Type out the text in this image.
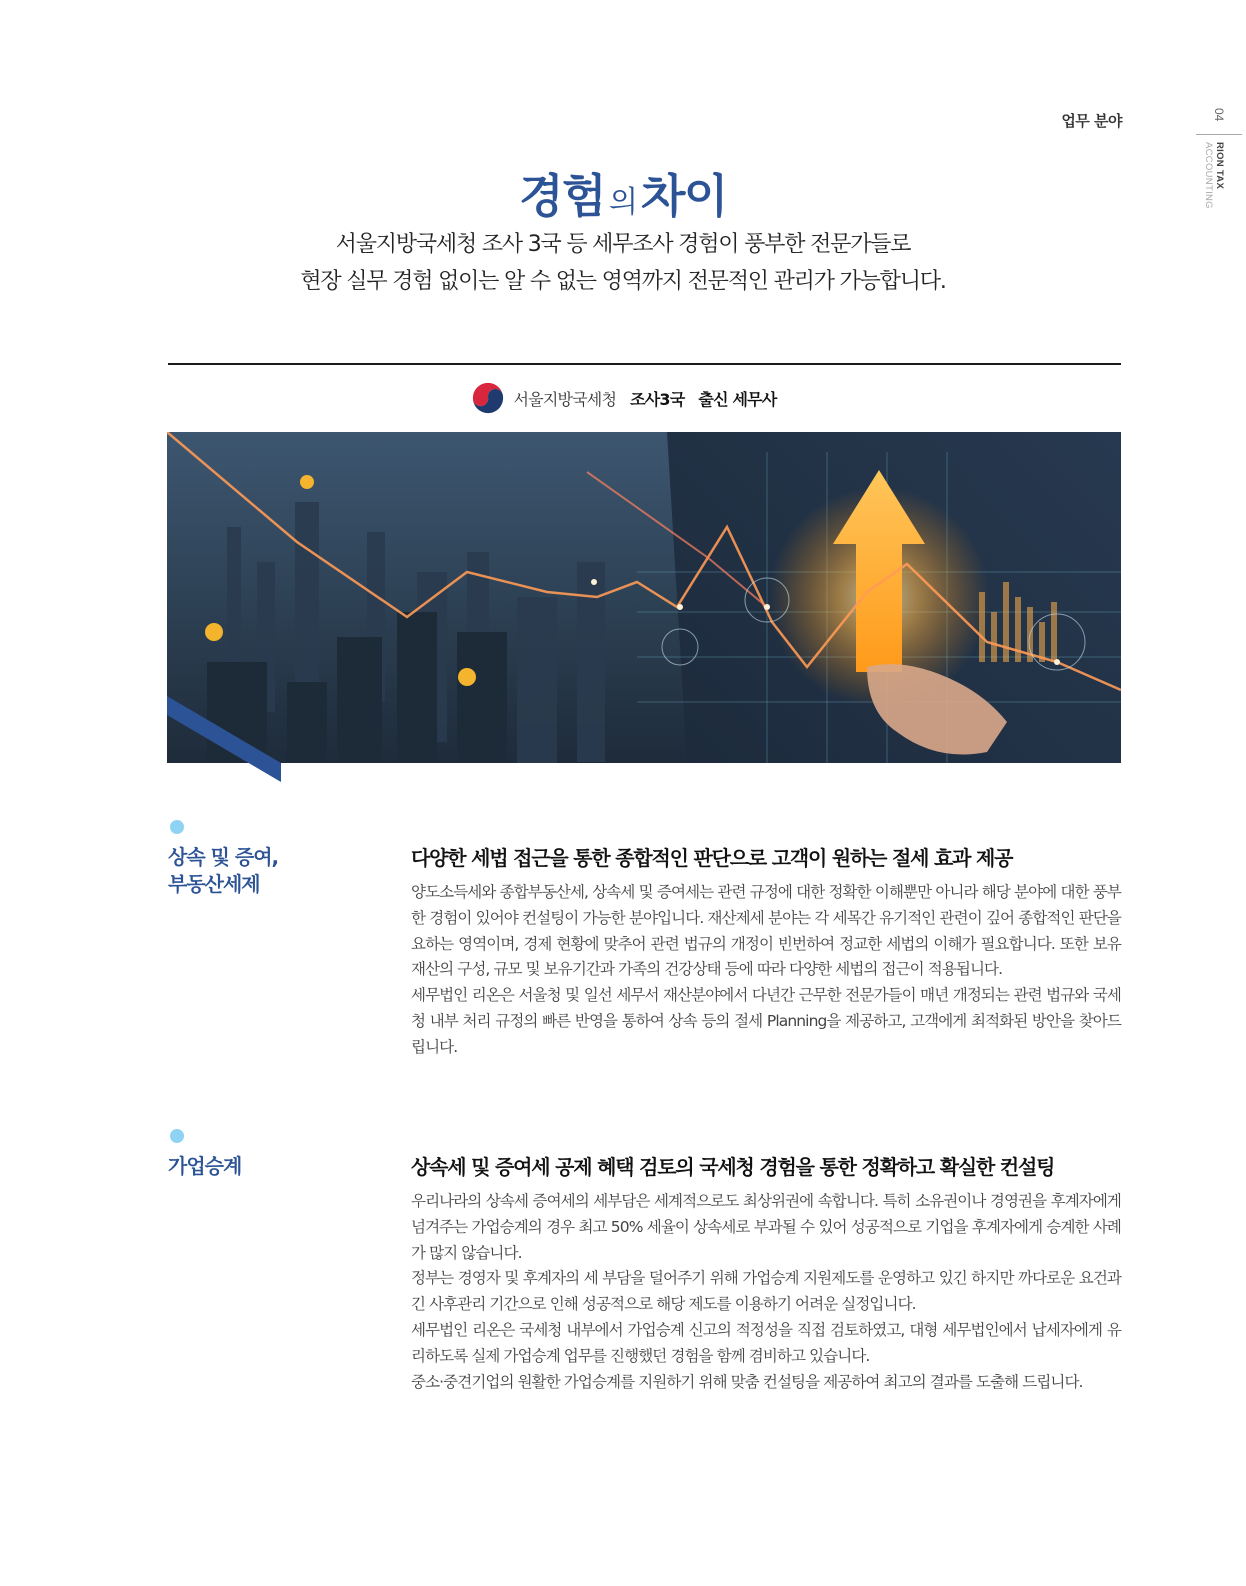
업무 분야	04
RION TAX ACCOUNTING
경험 의차이
서울지방국세청 조사 3국 등 세무조사 경험이 풍부한 전문가들로
현장 실무 경험 없이는 알 수 없는 영역까지 전문적인 관리가 가능합니다.
서울지방국세청 조사3국 출신 세무사
상속 및 증여,
부동산세제
다양한 세법 접근을 통한 종합적인 판단으로 고객이 원하는 절세 효과 제공

양도소득세와 종합부동산세, 상속세 및 증여세는 관련 규정에 대한 정확한 이해뿐만 아니라 해당 분야에 대한 풍부한 경험이 있어야 컨설팅이 가능한 분야입니다. 재산제세 분야는 각 세목간 유기적인 관련이 깊어 종합적인 판단을 요하는 영역이며, 경제 현황에 맞추어 관련 법규의 개정이 빈번하여 정교한 세법의 이해가 필요합니다. 또한 보유재산의 구성, 규모 및 보유기간과 가족의 건강상태 등에 따라 다양한 세법의 접근이 적용됩니다.

세무법인 리온은 서울청 및 일선 세무서 재산분야에서 다년간 근무한 전문가들이 매년 개정되는 관련 법규와 국세청 내부 처리 규정의 빠른 반영을 통하여 상속 등의 절세 Planning을 제공하고, 고객에게 최적화된 방안을 찾아드립니다.

가업승계	상속세 및 증여세 공제 혜택 검토의 국세청 경험을 통한 정확하고 확실한 컨설팅

우리나라의 상속세 증여세의 세부담은 세계적으로도 최상위권에 속합니다. 특히 소유권이나 경영권을 후계자에게 넘겨주는 가업승계의 경우 최고 50% 세율이 상속세로 부과될 수 있어 성공적으로 기업을 후계자에게 승계한 사례가 많지 않습니다.

정부는 경영자 및 후계자의 세 부담을 덜어주기 위해 가업승계 지원제도를 운영하고 있긴 하지만 까다로운 요건과 긴 사후관리 기간으로 인해 성공적으로 해당 제도를 이용하기 어려운 실정입니다.

세무법인 리온은 국세청 내부에서 가업승계 신고의 적정성을 직접 검토하였고, 대형 세무법인에서 납세자에게 유리하도록 실제 가업승계 업무를 진행했던 경험을 함께 겸비하고 있습니다.

중소·중견기업의 원활한 가업승계를 지원하기 위해 맞춤 컨설팅을 제공하여 최고의 결과를 도출해 드립니다.
